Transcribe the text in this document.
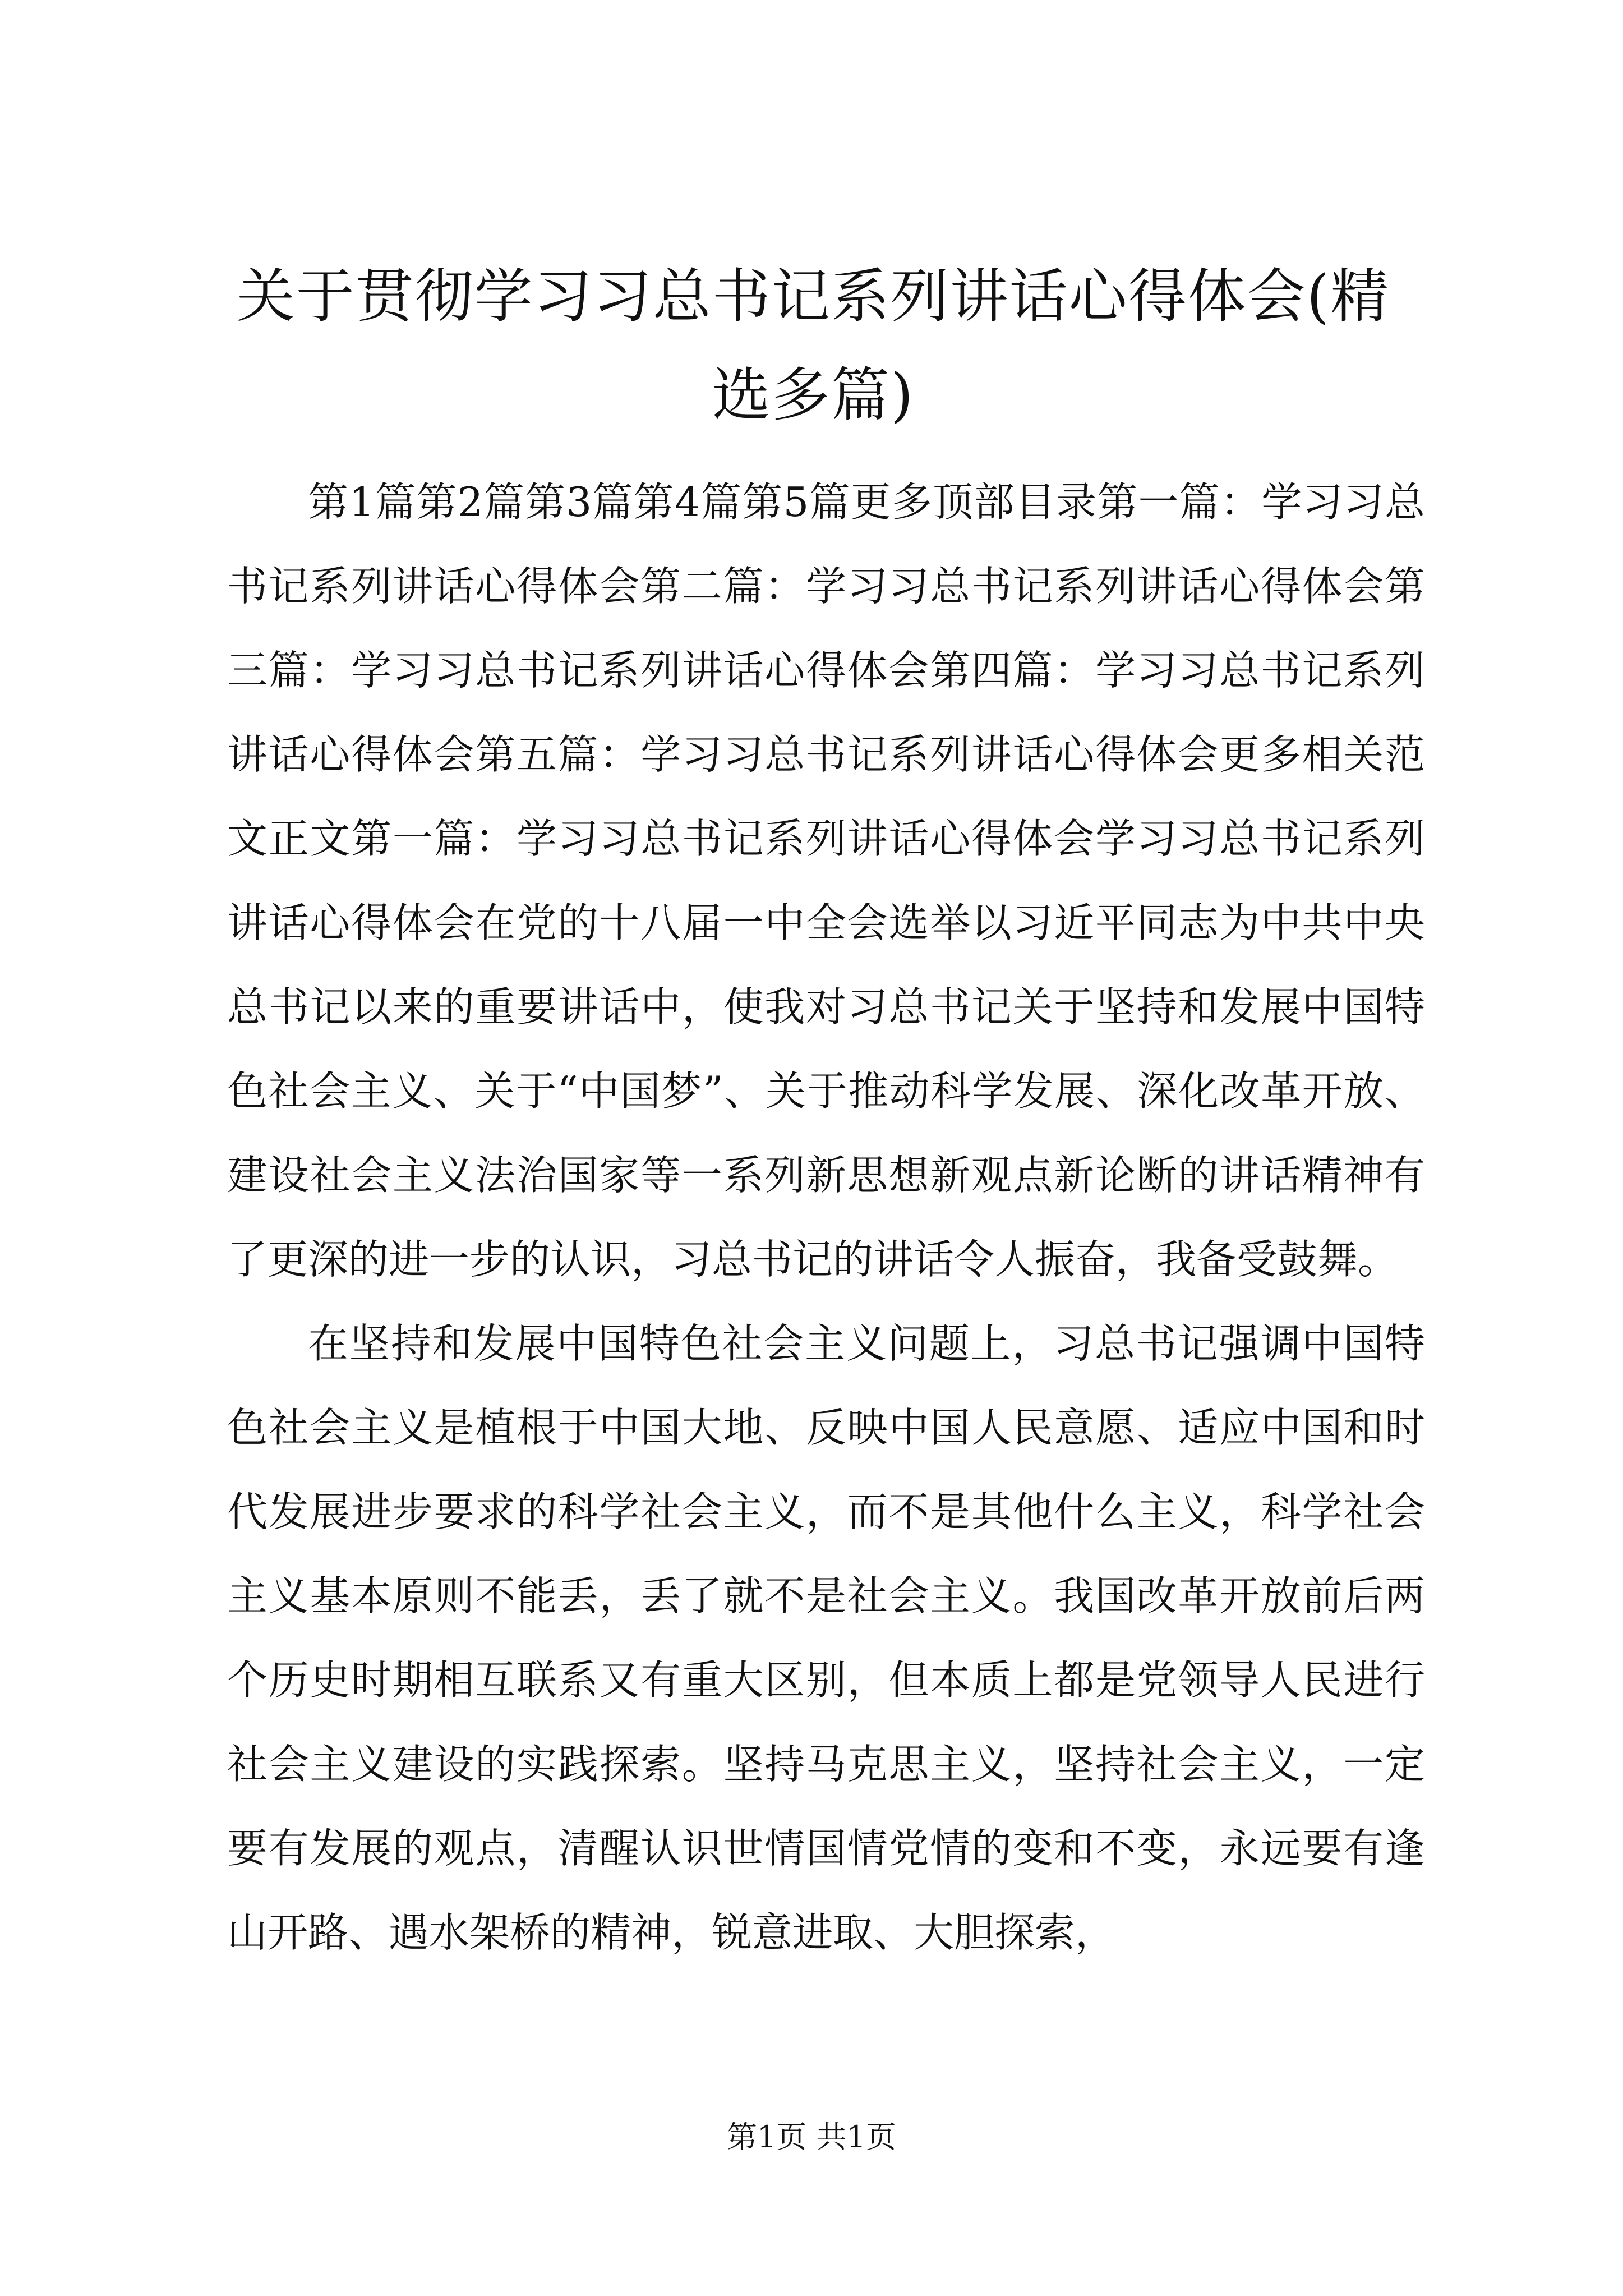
关于贯彻学习习总书记系列讲话心得体会(精选多篇)

第1篇第2篇第3篇第4篇第5篇更多顶部目录第一篇：学习习总书记系列讲话心得体会第二篇：学习习总书记系列讲话心得体会第三篇：学习习总书记系列讲话心得体会第四篇：学习习总书记系列讲话心得体会第五篇：学习习总书记系列讲话心得体会更多相关范文正文第一篇：学习习总书记系列讲话心得体会学习习总书记系列讲话心得体会在党的十八届一中全会选举以习近平同志为中共中央总书记以来的重要讲话中，使我对习总书记关于坚持和发展中国特色社会主义、关于“中国梦”、关于推动科学发展、深化改革开放、建设社会主义法治国家等一系列新思想新观点新论断的讲话精神有了更深的进一步的认识，习总书记的讲话令人振奋，我备受鼓舞。

在坚持和发展中国特色社会主义问题上，习总书记强调中国特色社会主义是植根于中国大地、反映中国人民意愿、适应中国和时代发展进步要求的科学社会主义，而不是其他什么主义，科学社会主义基本原则不能丢，丢了就不是社会主义。我国改革开放前后两个历史时期相互联系又有重大区别，但本质上都是党领导人民进行社会主义建设的实践探索。坚持马克思主义，坚持社会主义，一定要有发展的观点，清醒认识世情国情党情的变和不变，永远要有逢山开路、遇水架桥的精神，锐意进取、大胆探索，

第1页 共1页
